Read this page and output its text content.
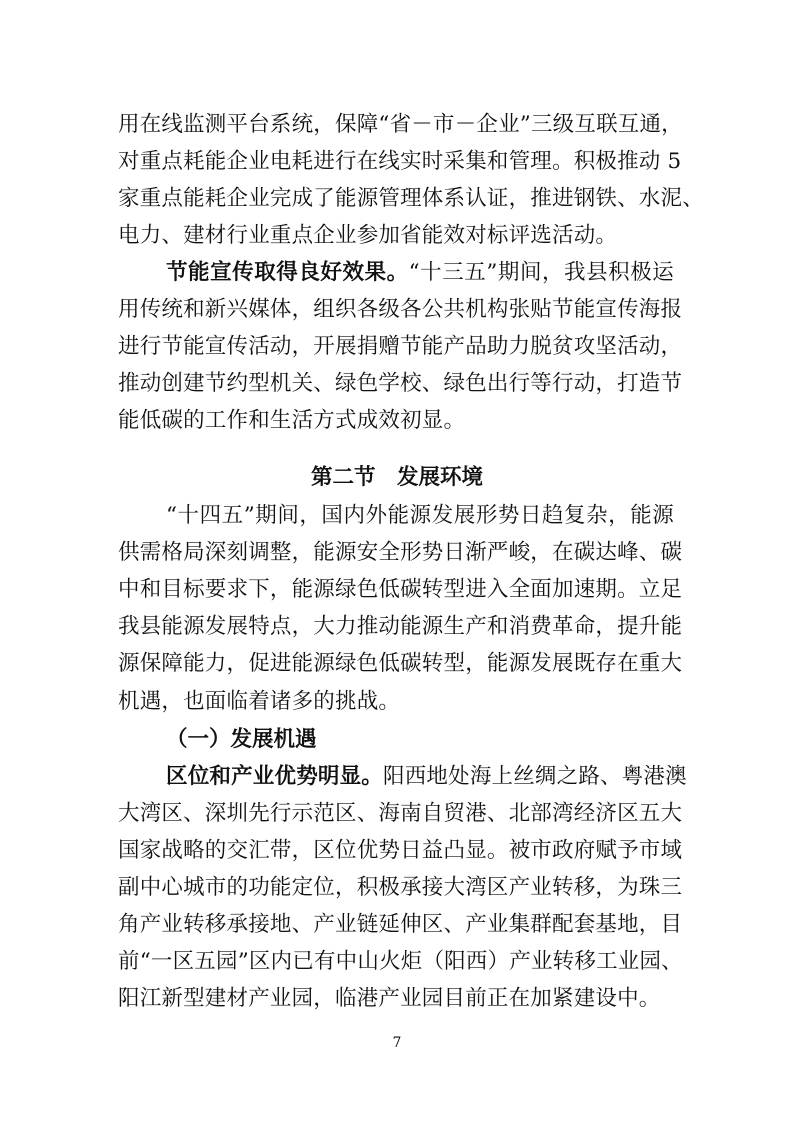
用在线监测平台系统，保障“省－市－企业”三级互联互通，
对重点耗能企业电耗进行在线实时采集和管理。积极推动 5
家重点能耗企业完成了能源管理体系认证，推进钢铁、水泥、
电力、建材行业重点企业参加省能效对标评选活动。
节能宣传取得良好效果。“十三五”期间，我县积极运
用传统和新兴媒体，组织各级各公共机构张贴节能宣传海报
进行节能宣传活动，开展捐赠节能产品助力脱贫攻坚活动，
推动创建节约型机关、绿色学校、绿色出行等行动，打造节
能低碳的工作和生活方式成效初显。
第二节　发展环境
“十四五”期间，国内外能源发展形势日趋复杂，能源
供需格局深刻调整，能源安全形势日渐严峻，在碳达峰、碳
中和目标要求下，能源绿色低碳转型进入全面加速期。立足
我县能源发展特点，大力推动能源生产和消费革命，提升能
源保障能力，促进能源绿色低碳转型，能源发展既存在重大
机遇，也面临着诸多的挑战。
（一）发展机遇
区位和产业优势明显。阳西地处海上丝绸之路、粤港澳
大湾区、深圳先行示范区、海南自贸港、北部湾经济区五大
国家战略的交汇带，区位优势日益凸显。被市政府赋予市域
副中心城市的功能定位，积极承接大湾区产业转移，为珠三
角产业转移承接地、产业链延伸区、产业集群配套基地，目
前“一区五园”区内已有中山火炬（阳西）产业转移工业园、
阳江新型建材产业园，临港产业园目前正在加紧建设中。
7
